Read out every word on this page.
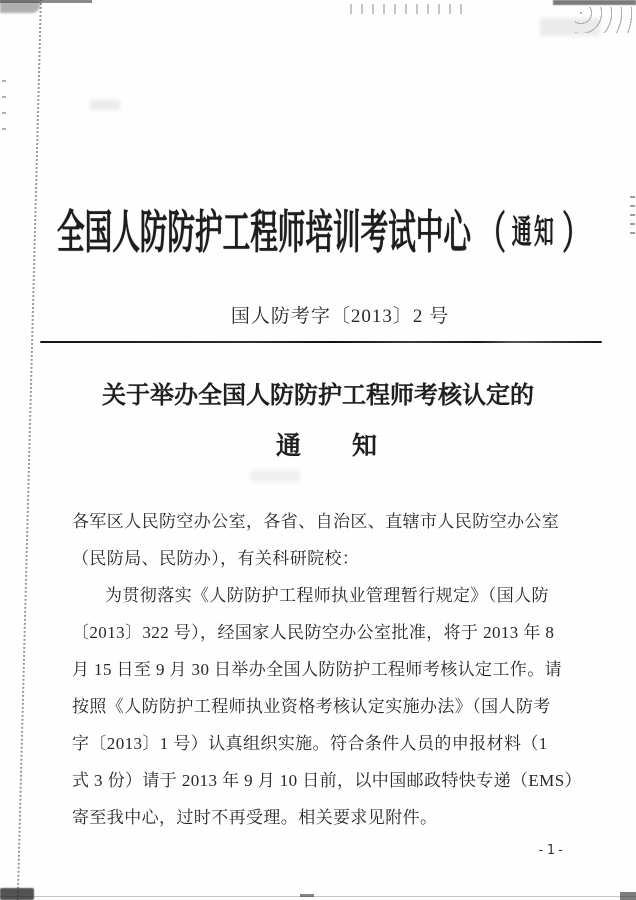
全国人防防护工程师培训考试中心 （ 通知 ）
国人防考字〔2013〕2 号
关于举办全国人防防护工程师考核认定的
通　知
各军区人民防空办公室，各省、自治区、直辖市人民防空办公室
（民防局、民防办），有关科研院校：
为贯彻落实《人防防护工程师执业管理暂行规定》（国人防
〔2013〕322 号），经国家人民防空办公室批准，将于 2013 年 8
月 15 日至 9 月 30 日举办全国人防防护工程师考核认定工作。请
按照《人防防护工程师执业资格考核认定实施办法》（国人防考
字〔2013〕1 号）认真组织实施。符合条件人员的申报材料（1
式 3 份）请于 2013 年 9 月 10 日前，以中国邮政特快专递（EMS）
寄至我中心，过时不再受理。相关要求见附件。
-1-
